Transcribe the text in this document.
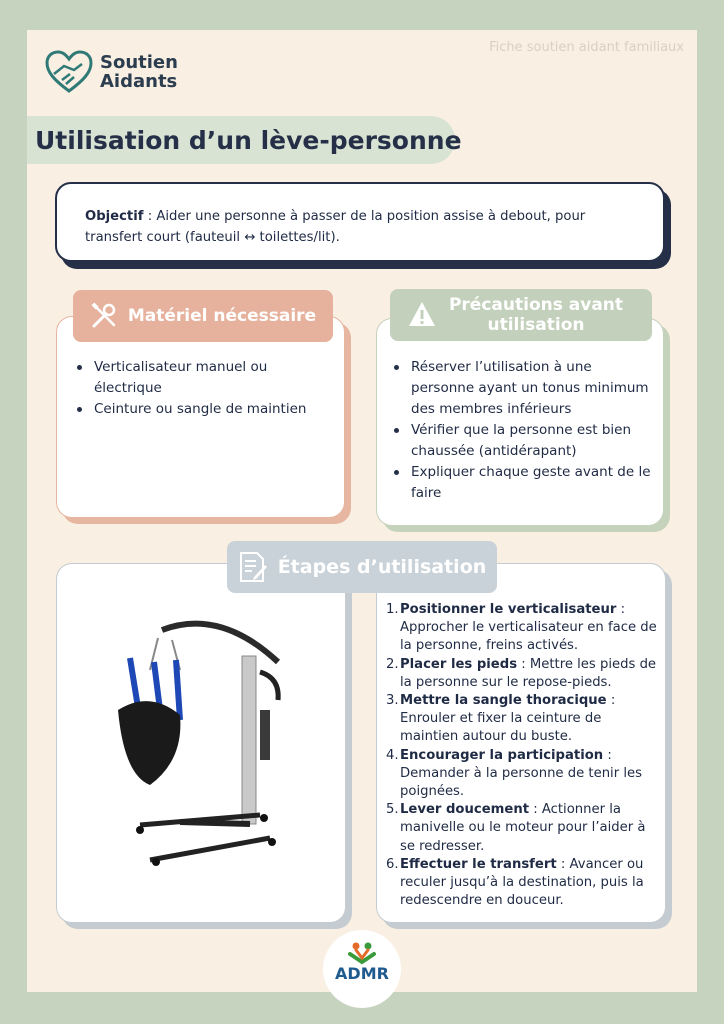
Fiche soutien aidant familiaux
Soutien
Aidants
Utilisation d’un lève-personne

Objectif : Aider une personne à passer de la position assise à debout, pour transfert court (fauteuil ↔ toilettes/lit).

Matériel nécessaire
Verticalisateur manuel ou électrique
Ceinture ou sangle de maintien
Précautions avant utilisation
Réserver l’utilisation à une personne ayant un tonus minimum des membres inférieurs
Vérifier que la personne est bien chaussée (antidérapant)
Expliquer chaque geste avant de le faire
Étapes d’utilisation
1. Positionner le verticalisateur : Approcher le verticalisateur en face de la personne, freins activés.
2. Placer les pieds : Mettre les pieds de la personne sur le repose-pieds.
3. Mettre la sangle thoracique : Enrouler et fixer la ceinture de maintien autour du buste.
4. Encourager la participation : Demander à la personne de tenir les poignées.
5. Lever doucement : Actionner la manivelle ou le moteur pour l’aider à se redresser.
6. Effectuer le transfert : Avancer ou reculer jusqu’à la destination, puis la redescendre en douceur.
ADMR
